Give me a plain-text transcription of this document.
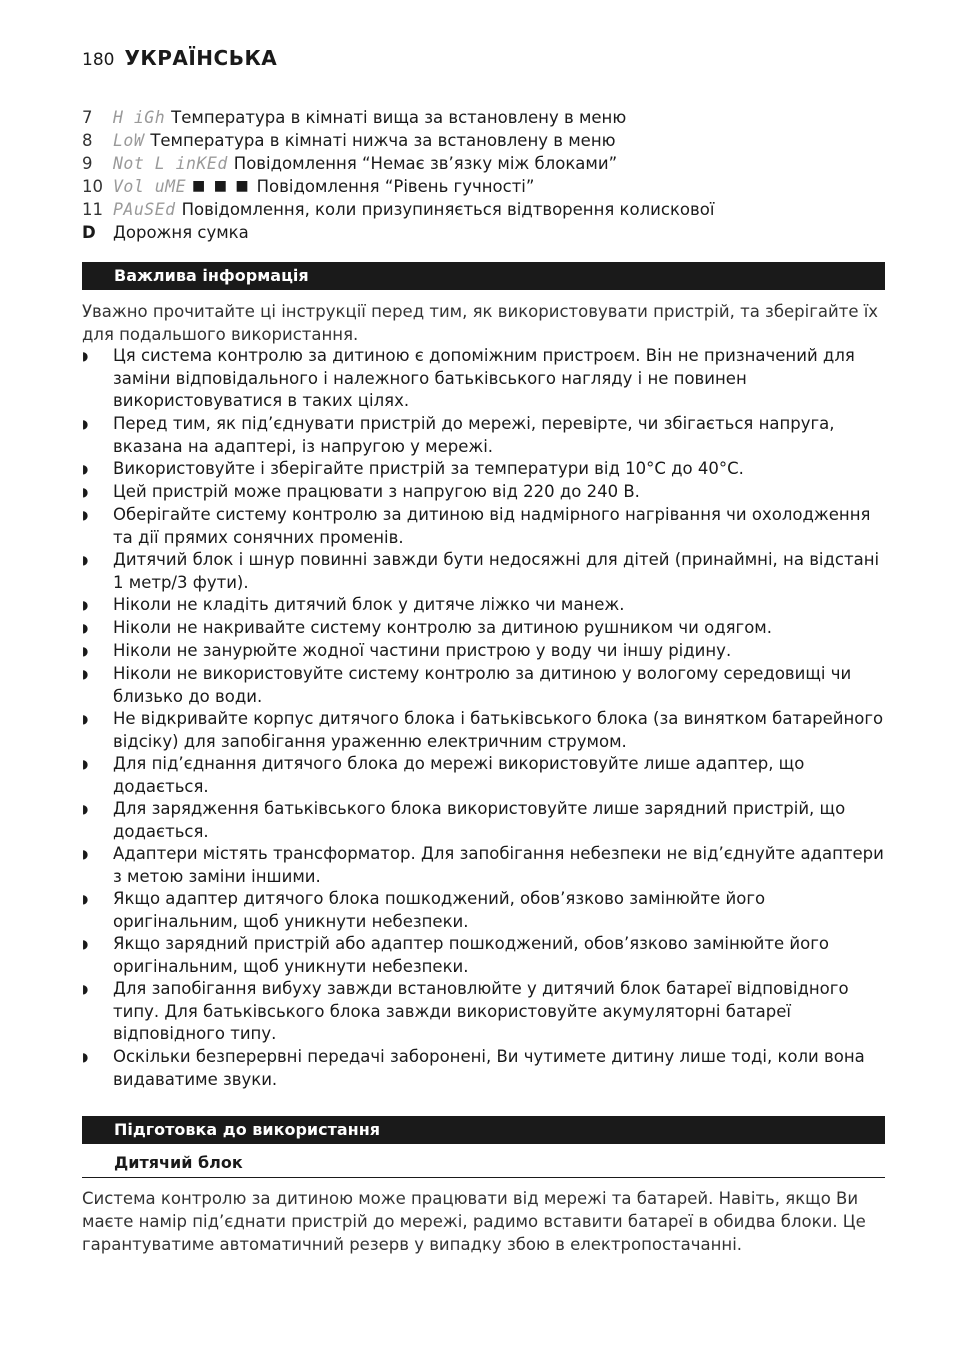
180 УКРАЇНСЬКА
7	H iGh Температура в кімнаті вища за встановлену в меню
8	LoW Температура в кімнаті нижча за встановлену в меню
9	Not L inKEd Повідомлення “Немає зв’язку між блоками”
10 Vol uME ■ ■ ■ Повідомлення “Рівень гучності”
11 PAuSEd Повідомлення, коли призупиняється відтворення колискової
D	Дорожня сумка
Важлива інформація
Уважно прочитайте ці інструкції перед тим, як використовувати пристрій, та зберігайте їх для подальшого використання.
◗ Ця система контролю за дитиною є допоміжним пристроєм. Він не призначений для заміни відповідального і належного батьківського нагляду і не повинен використовуватися в таких цілях.
◗ Перед тим, як під’єднувати пристрій до мережі, перевірте, чи збігається напруга, вказана на адаптері, із напругою у мережі.
◗ Використовуйте і зберігайте пристрій за температури від 10°C до 40°C.
◗ Цей пристрій може працювати з напругою від 220 до 240 В.
◗ Оберігайте систему контролю за дитиною від надмірного нагрівання чи охолодження та дії прямих сонячних променів.
◗ Дитячий блок і шнур повинні завжди бути недосяжні для дітей (принаймні, на відстані 1 метр/3 фути).
◗ Ніколи не кладіть дитячий блок у дитяче ліжко чи манеж.
◗ Ніколи не накривайте систему контролю за дитиною рушником чи одягом.
◗ Ніколи не занурюйте жодної частини пристрою у воду чи іншу рідину.
◗ Ніколи не використовуйте систему контролю за дитиною у вологому середовищі чи близько до води.
◗ Не відкривайте корпус дитячого блока і батьківського блока (за винятком батарейного відсіку) для запобігання ураженню електричним струмом.
◗ Для під’єднання дитячого блока до мережі використовуйте лише адаптер, що додається.
◗ Для зарядження батьківського блока використовуйте лише зарядний пристрій, що додається.
◗ Адаптери містять трансформатор. Для запобігання небезпеки не від’єднуйте адаптери з метою заміни іншими.
◗ Якщо адаптер дитячого блока пошкоджений, обов’язково замінюйте його оригінальним, щоб уникнути небезпеки.
◗ Якщо зарядний пристрій або адаптер пошкоджений, обов’язково замінюйте його оригінальним, щоб уникнути небезпеки.
◗ Для запобігання вибуху завжди встановлюйте у дитячий блок батареї відповідного типу. Для батьківського блока завжди використовуйте акумуляторні батареї відповідного типу.
◗ Оскільки безперервні передачі заборонені, Ви чутимете дитину лише тоді, коли вона видаватиме звуки.
Підготовка до використання
Дитячий блок
Система контролю за дитиною може працювати від мережі та батарей. Навіть, якщо Ви маєте намір під’єднати пристрій до мережі, радимо вставити батареї в обидва блоки. Це гарантуватиме автоматичний резерв у випадку збою в електропостачанні.
